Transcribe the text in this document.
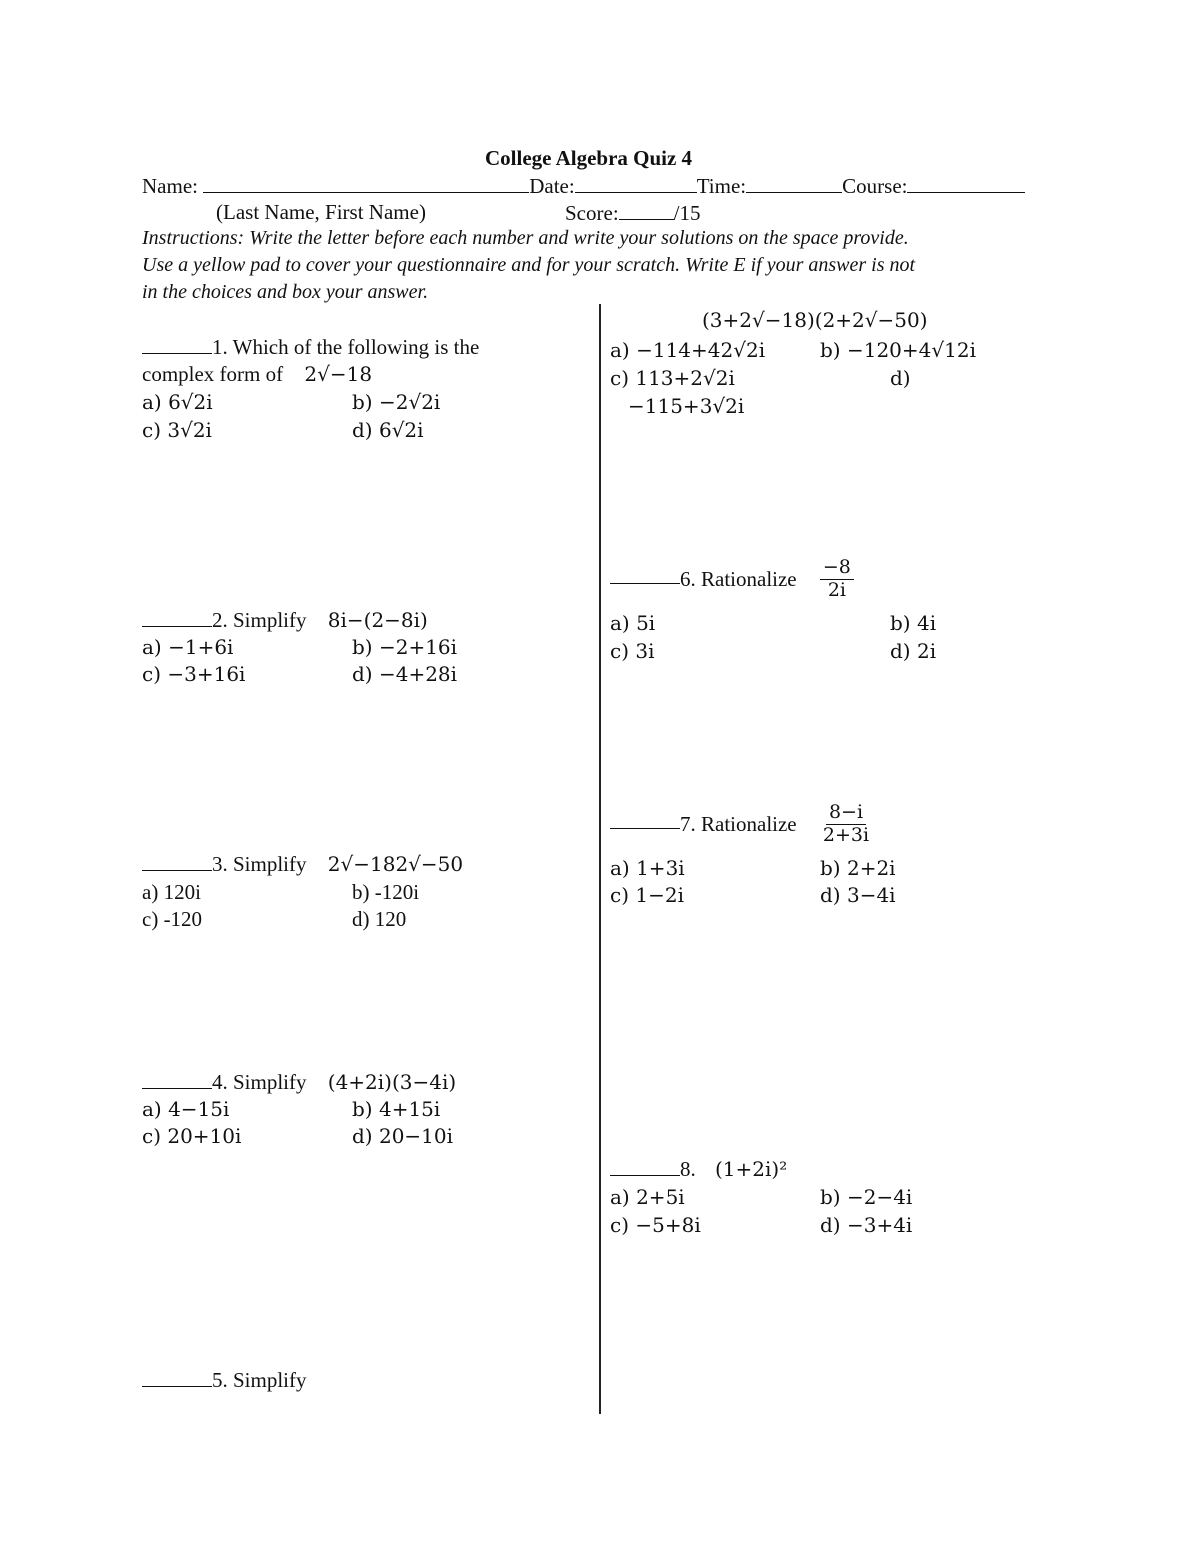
College Algebra Quiz 4
Name:	Date:	Time:	Course:
(Last Name, First Name)	Score:	/15
Instructions: Write the letter before each number and write your solutions on the space provide.
Use a yellow pad to cover your questionnaire and for your scratch. Write E if your answer is not
in the choices and box your answer.
1. Which of the following is the
complex form of 2√−18
a) 6√2i	b) −2√2i
c) 3√2i	d) 6√2i
2. Simplify 8i−(2−8i)
a) −1+6i	b) −2+16i
c) −3+16i	d) −4+28i
3. Simplify 2√−182√−50
a) 120i	b) -120i
c) -120	d) 120
4. Simplify (4+2i)(3−4i)
a) 4−15i	b) 4+15i
c) 20+10i	d) 20−10i
5. Simplify
(3+2√−18)(2+2√−50)
a) −114+42√2i	b) −120+4√12i
c) 113+2√2i	d)
−115+3√2i
6. Rationalize $\frac{-8}{2i}$
a) 5i	b) 4i
c) 3i	d) 2i
7. Rationalize $\frac{8-i}{2+3i}$
a) 1+3i	b) 2+2i
c) 1−2i	d) 3−4i
8. (1+2i)²
a) 2+5i	b) −2−4i
c) −5+8i	d) −3+4i
